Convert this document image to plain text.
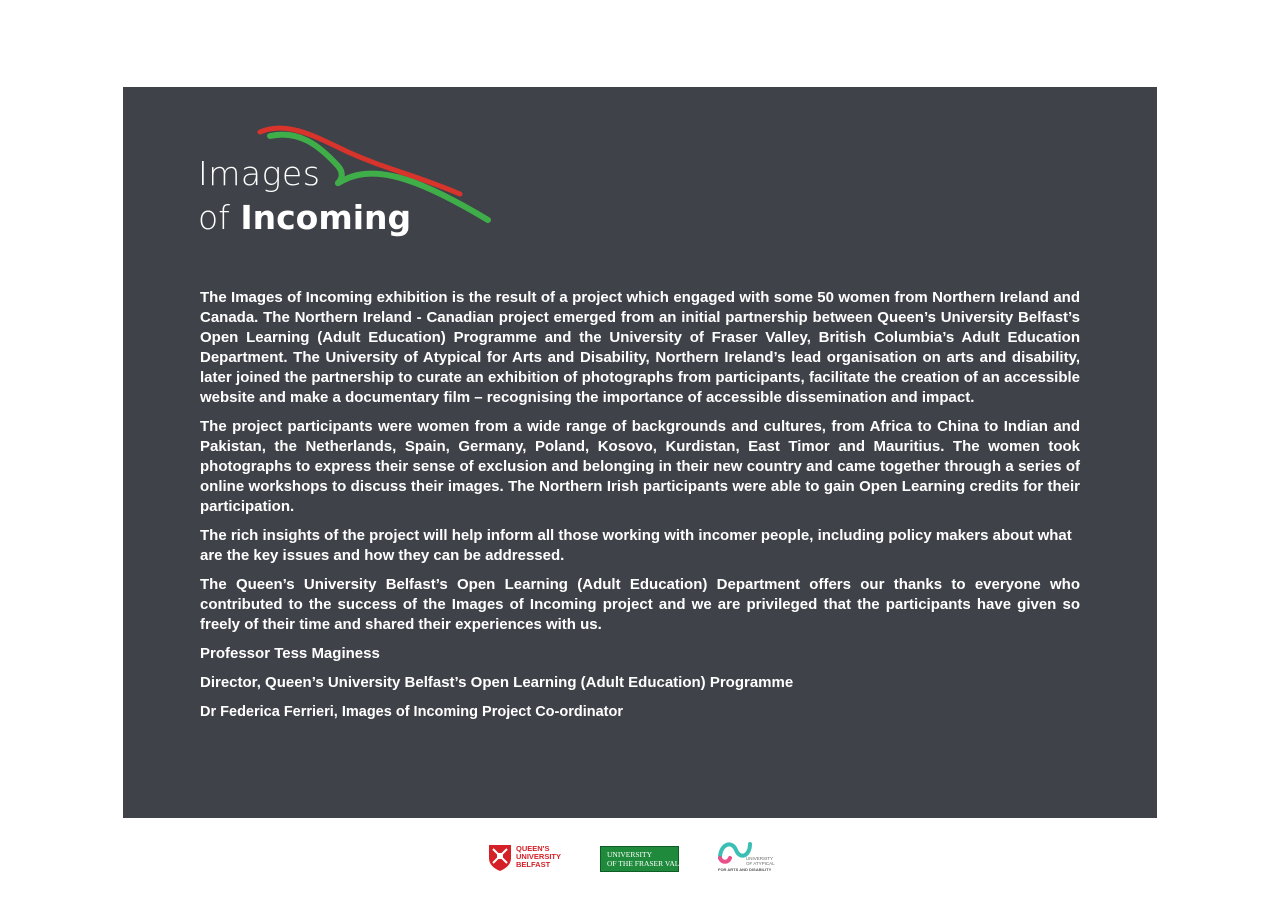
Images
of Incoming

The Images of Incoming exhibition is the result of a project which engaged with some 50 women from Northern Ireland and Canada. The Northern Ireland - Canadian project emerged from an initial partnership between Queen’s University Belfast’s Open Learning (Adult Education) Programme and the University of Fraser Valley, British Columbia’s Adult Education Department. The University of Atypical for Arts and Disability, Northern Ireland’s lead organisation on arts and disability, later joined the partnership to curate an exhibition of photographs from participants, facilitate the creation of an accessible website and make a documentary film – recognising the importance of accessible dissemination and impact.

The project participants were women from a wide range of backgrounds and cultures, from Africa to China to Indian and Pakistan, the Netherlands, Spain, Germany, Poland, Kosovo, Kurdistan, East Timor and Mauritius. The women took photographs to express their sense of exclusion and belonging in their new country and came together through a series of online workshops to discuss their images. The Northern Irish participants were able to gain Open Learning credits for their participation.

The rich insights of the project will help inform all those working with incomer people, including policy makers about what are the key issues and how they can be addressed.

The Queen’s University Belfast’s Open Learning (Adult Education) Department offers our thanks to everyone who contributed to the success of the Images of Incoming project and we are privileged that the participants have given so freely of their time and shared their experiences with us.

Professor Tess Maginess

Director, Queen’s University Belfast’s Open Learning (Adult Education) Programme

Dr Federica Ferrieri, Images of Incoming Project Co-ordinator

QUEEN'S
UNIVERSITY
BELFAST
UNIVERSITY
OF THE FRASER VALLEY
UNIVERSITY
OF ATYPICAL
FOR ARTS AND DISABILITY
